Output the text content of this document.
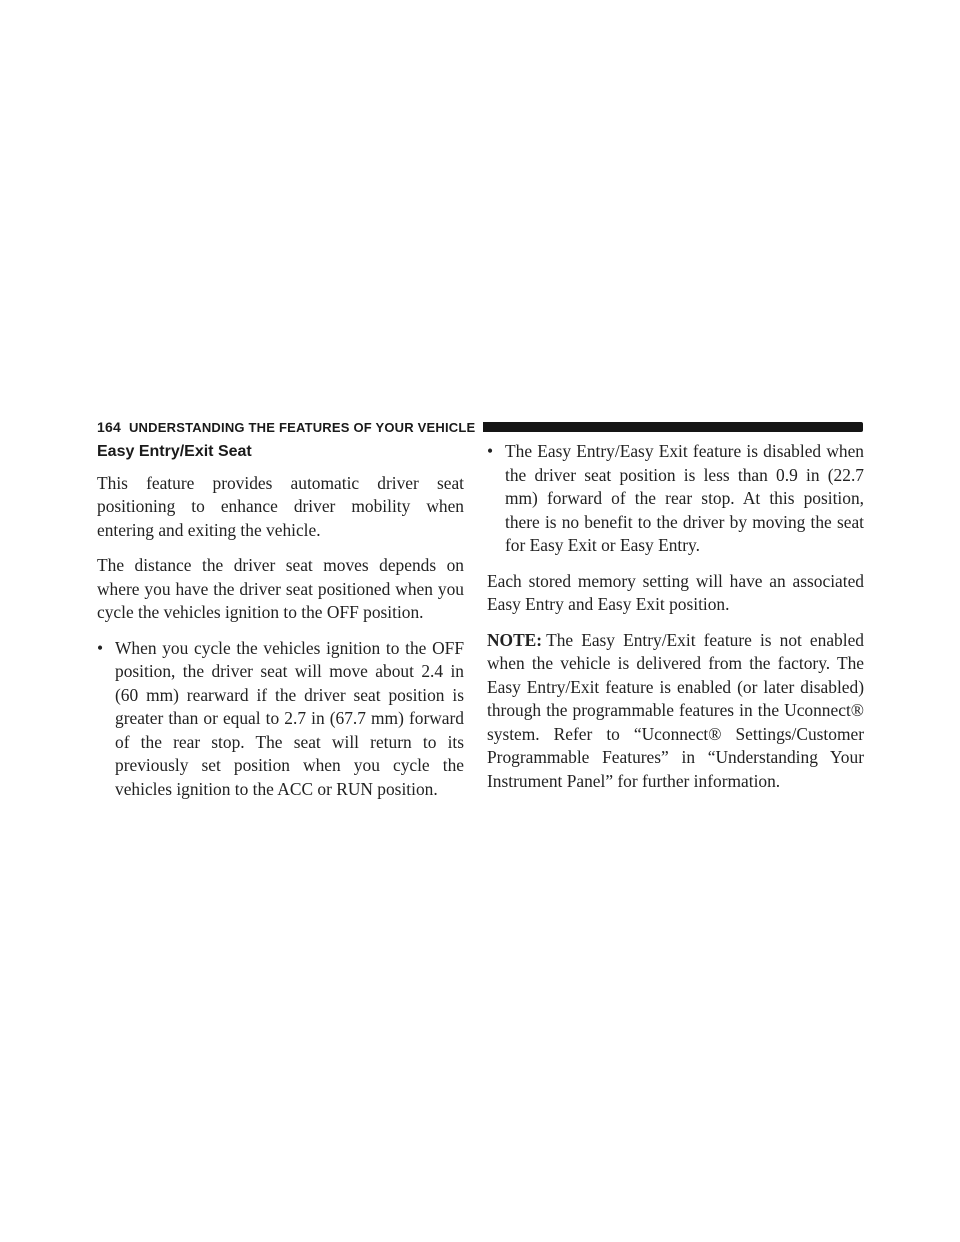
164 UNDERSTANDING THE FEATURES OF YOUR VEHICLE
Easy Entry/Exit Seat

This feature provides automatic driver seat positioning to enhance driver mobility when entering and exiting the vehicle.

The distance the driver seat moves depends on where you have the driver seat positioned when you cycle the vehicles ignition to the OFF position.

• When you cycle the vehicles ignition to the OFF position, the driver seat will move about 2.4 in (60 mm) rearward if the driver seat position is greater than or equal to 2.7 in (67.7 mm) forward of the rear stop. The seat will return to its previously set position when you cycle the vehicles ignition to the ACC or RUN position.
• The Easy Entry/Easy Exit feature is disabled when the driver seat position is less than 0.9 in (22.7 mm) forward of the rear stop. At this position, there is no benefit to the driver by moving the seat for Easy Exit or Easy Entry.

Each stored memory setting will have an associated Easy Entry and Easy Exit position.

NOTE: The Easy Entry/Exit feature is not enabled when the vehicle is delivered from the factory. The Easy Entry/Exit feature is enabled (or later disabled) through the programmable features in the Uconnect® system. Refer to “Uconnect® Settings/Customer Programmable Features” in “Understanding Your Instrument Panel” for further information.
